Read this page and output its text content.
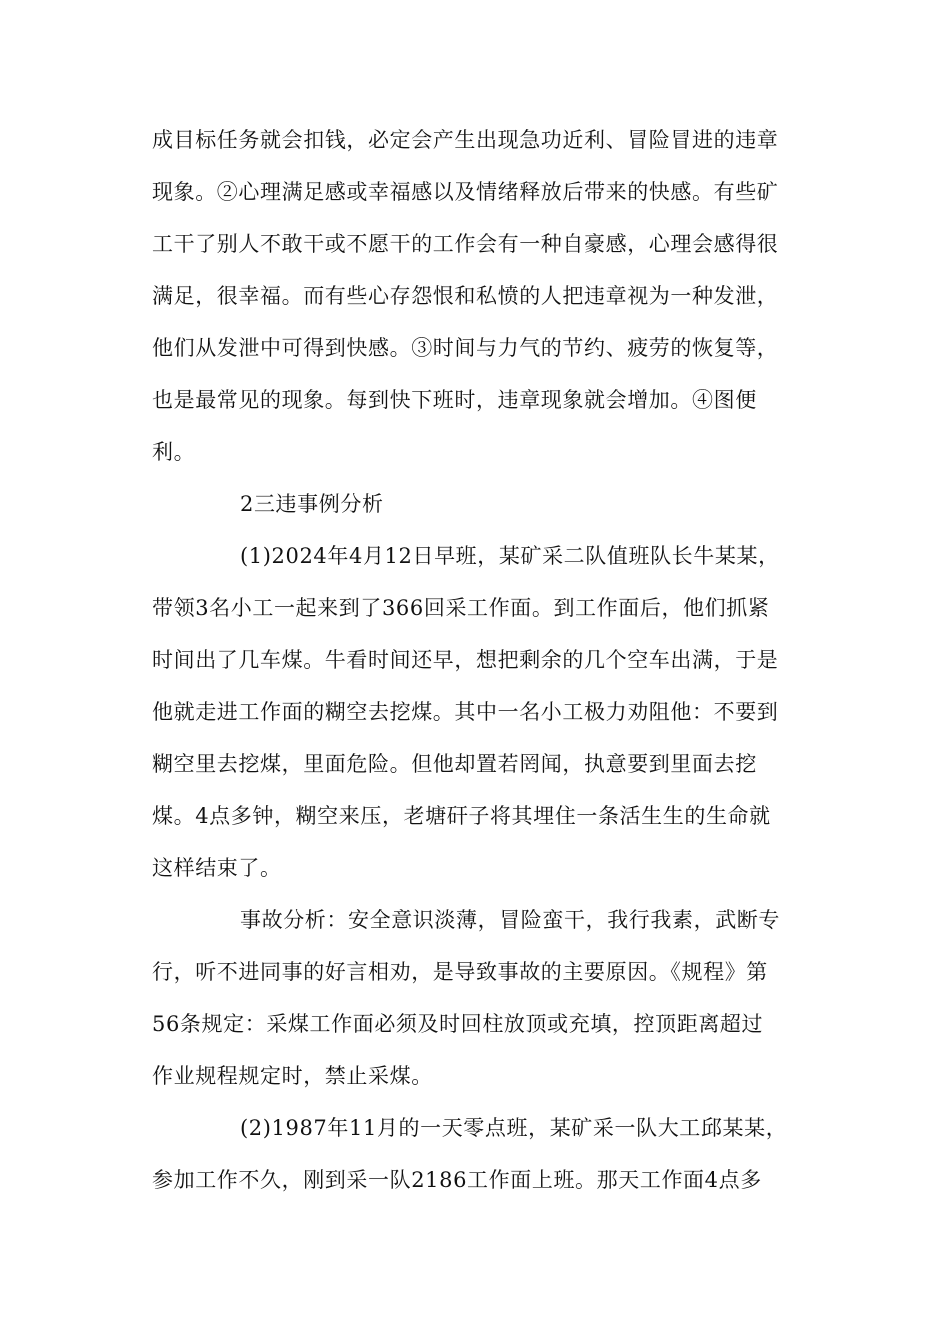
成目标任务就会扣钱，必定会产生出现急功近利、冒险冒进的违章
现象。②心理满足感或幸福感以及情绪释放后带来的快感。有些矿
工干了别人不敢干或不愿干的工作会有一种自豪感，心理会感得很
满足，很幸福。而有些心存怨恨和私愤的人把违章视为一种发泄，
他们从发泄中可得到快感。③时间与力气的节约、疲劳的恢复等，
也是最常见的现象。每到快下班时，违章现象就会增加。④图便
利。
2三违事例分析
(1)2024年4月12日早班，某矿采二队值班队长牛某某，
带领3名小工一起来到了366回采工作面。到工作面后，他们抓紧
时间出了几车煤。牛看时间还早，想把剩余的几个空车出满，于是
他就走进工作面的糊空去挖煤。其中一名小工极力劝阻他：不要到
糊空里去挖煤，里面危险。但他却置若罔闻，执意要到里面去挖
煤。4点多钟，糊空来压，老塘矸子将其埋住一条活生生的生命就
这样结束了。
事故分析：安全意识淡薄，冒险蛮干，我行我素，武断专
行，听不进同事的好言相劝，是导致事故的主要原因。《规程》第
56条规定：采煤工作面必须及时回柱放顶或充填，控顶距离超过
作业规程规定时，禁止采煤。
(2)1987年11月的一天零点班，某矿采一队大工邱某某，
参加工作不久，刚到采一队2186工作面上班。那天工作面4点多
